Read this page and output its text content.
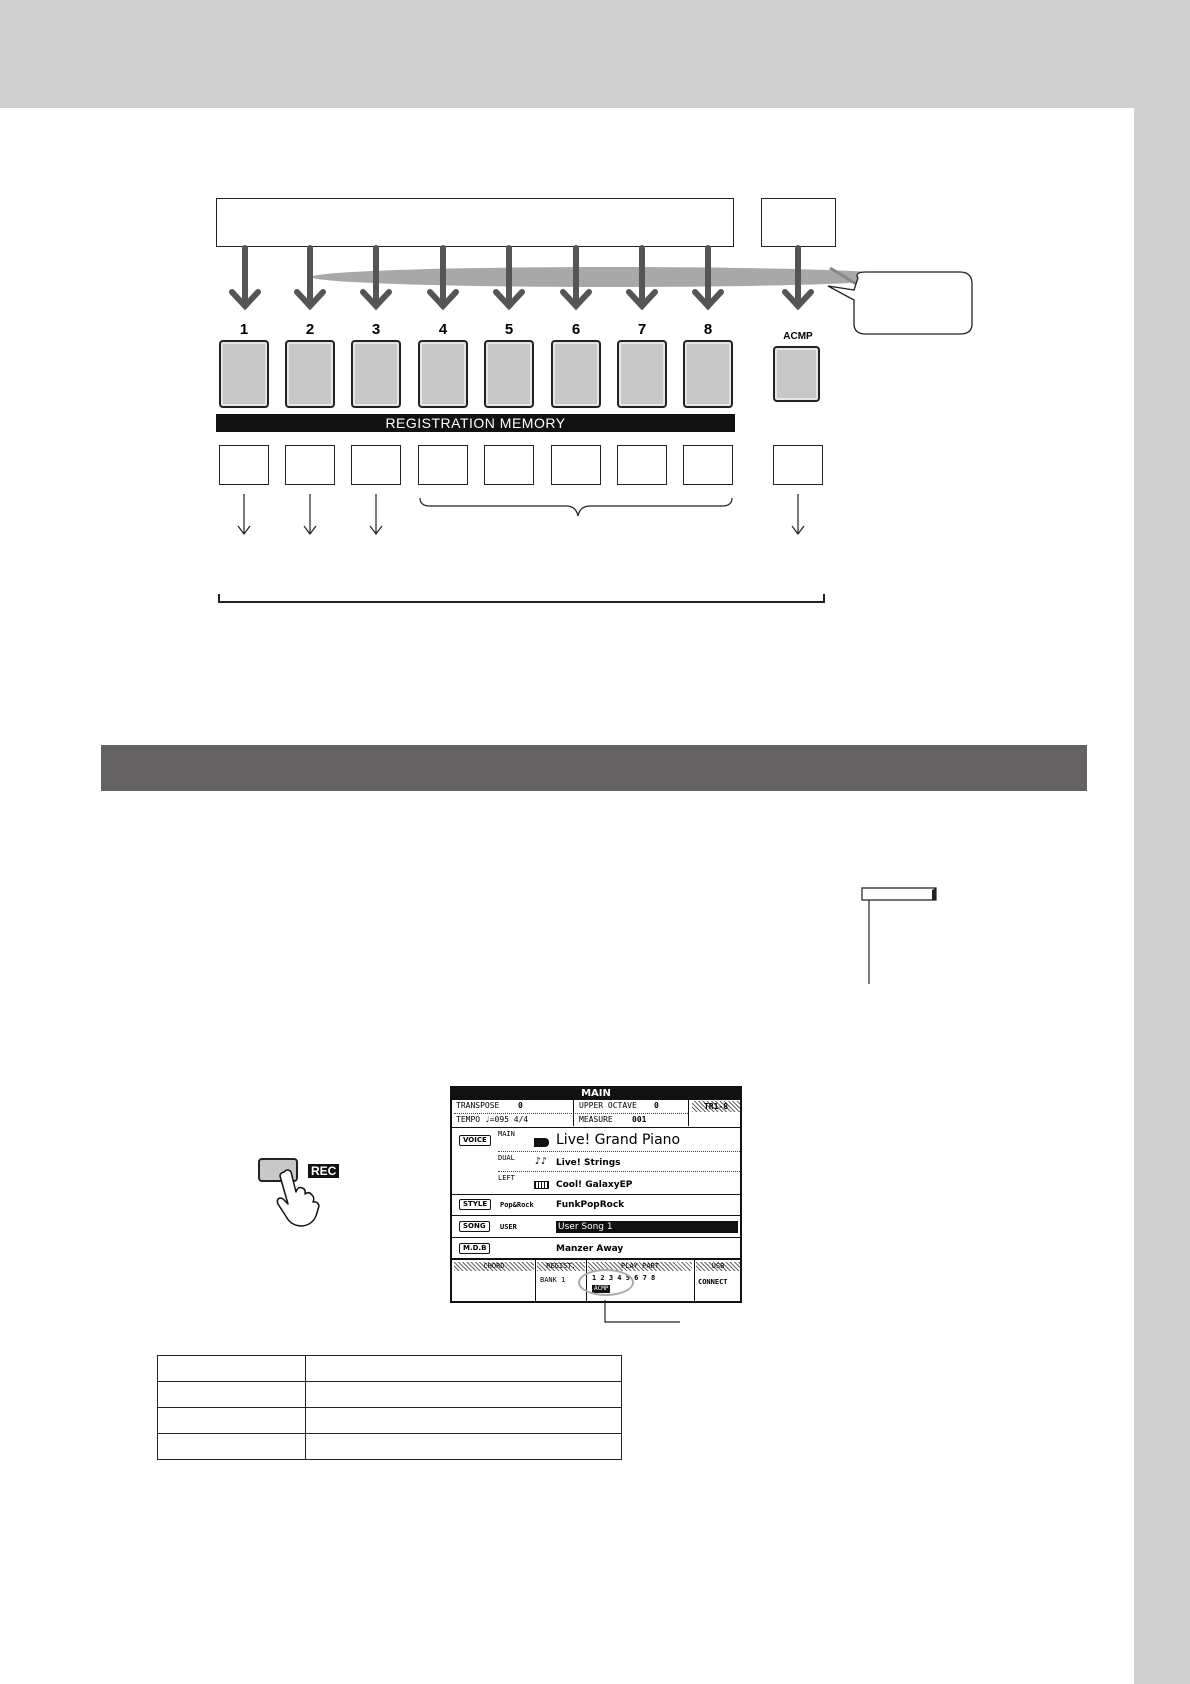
1	2	3	4	5	6	7	8	ACMP
REGISTRATION MEMORY
REC
MAIN
TRANSPOSE 0	UPPER OCTAVE 0	TR1-8
TEMPO ♩=095 4/4	MEASURE 001
VOICE
MAIN	Live! Grand Piano
DUAL ♪♪ Live! Strings
LEFT
Cool! GalaxyEP
STYLE	Pop&Rock FunkPopRock
SONG	USER	User Song 1
M.D.B	Manzer Away
CHORD	REGIST.
BANK 1
PLAY PART
1 2 3 4 5 6 7 8
ACMP
USB
CONNECT
